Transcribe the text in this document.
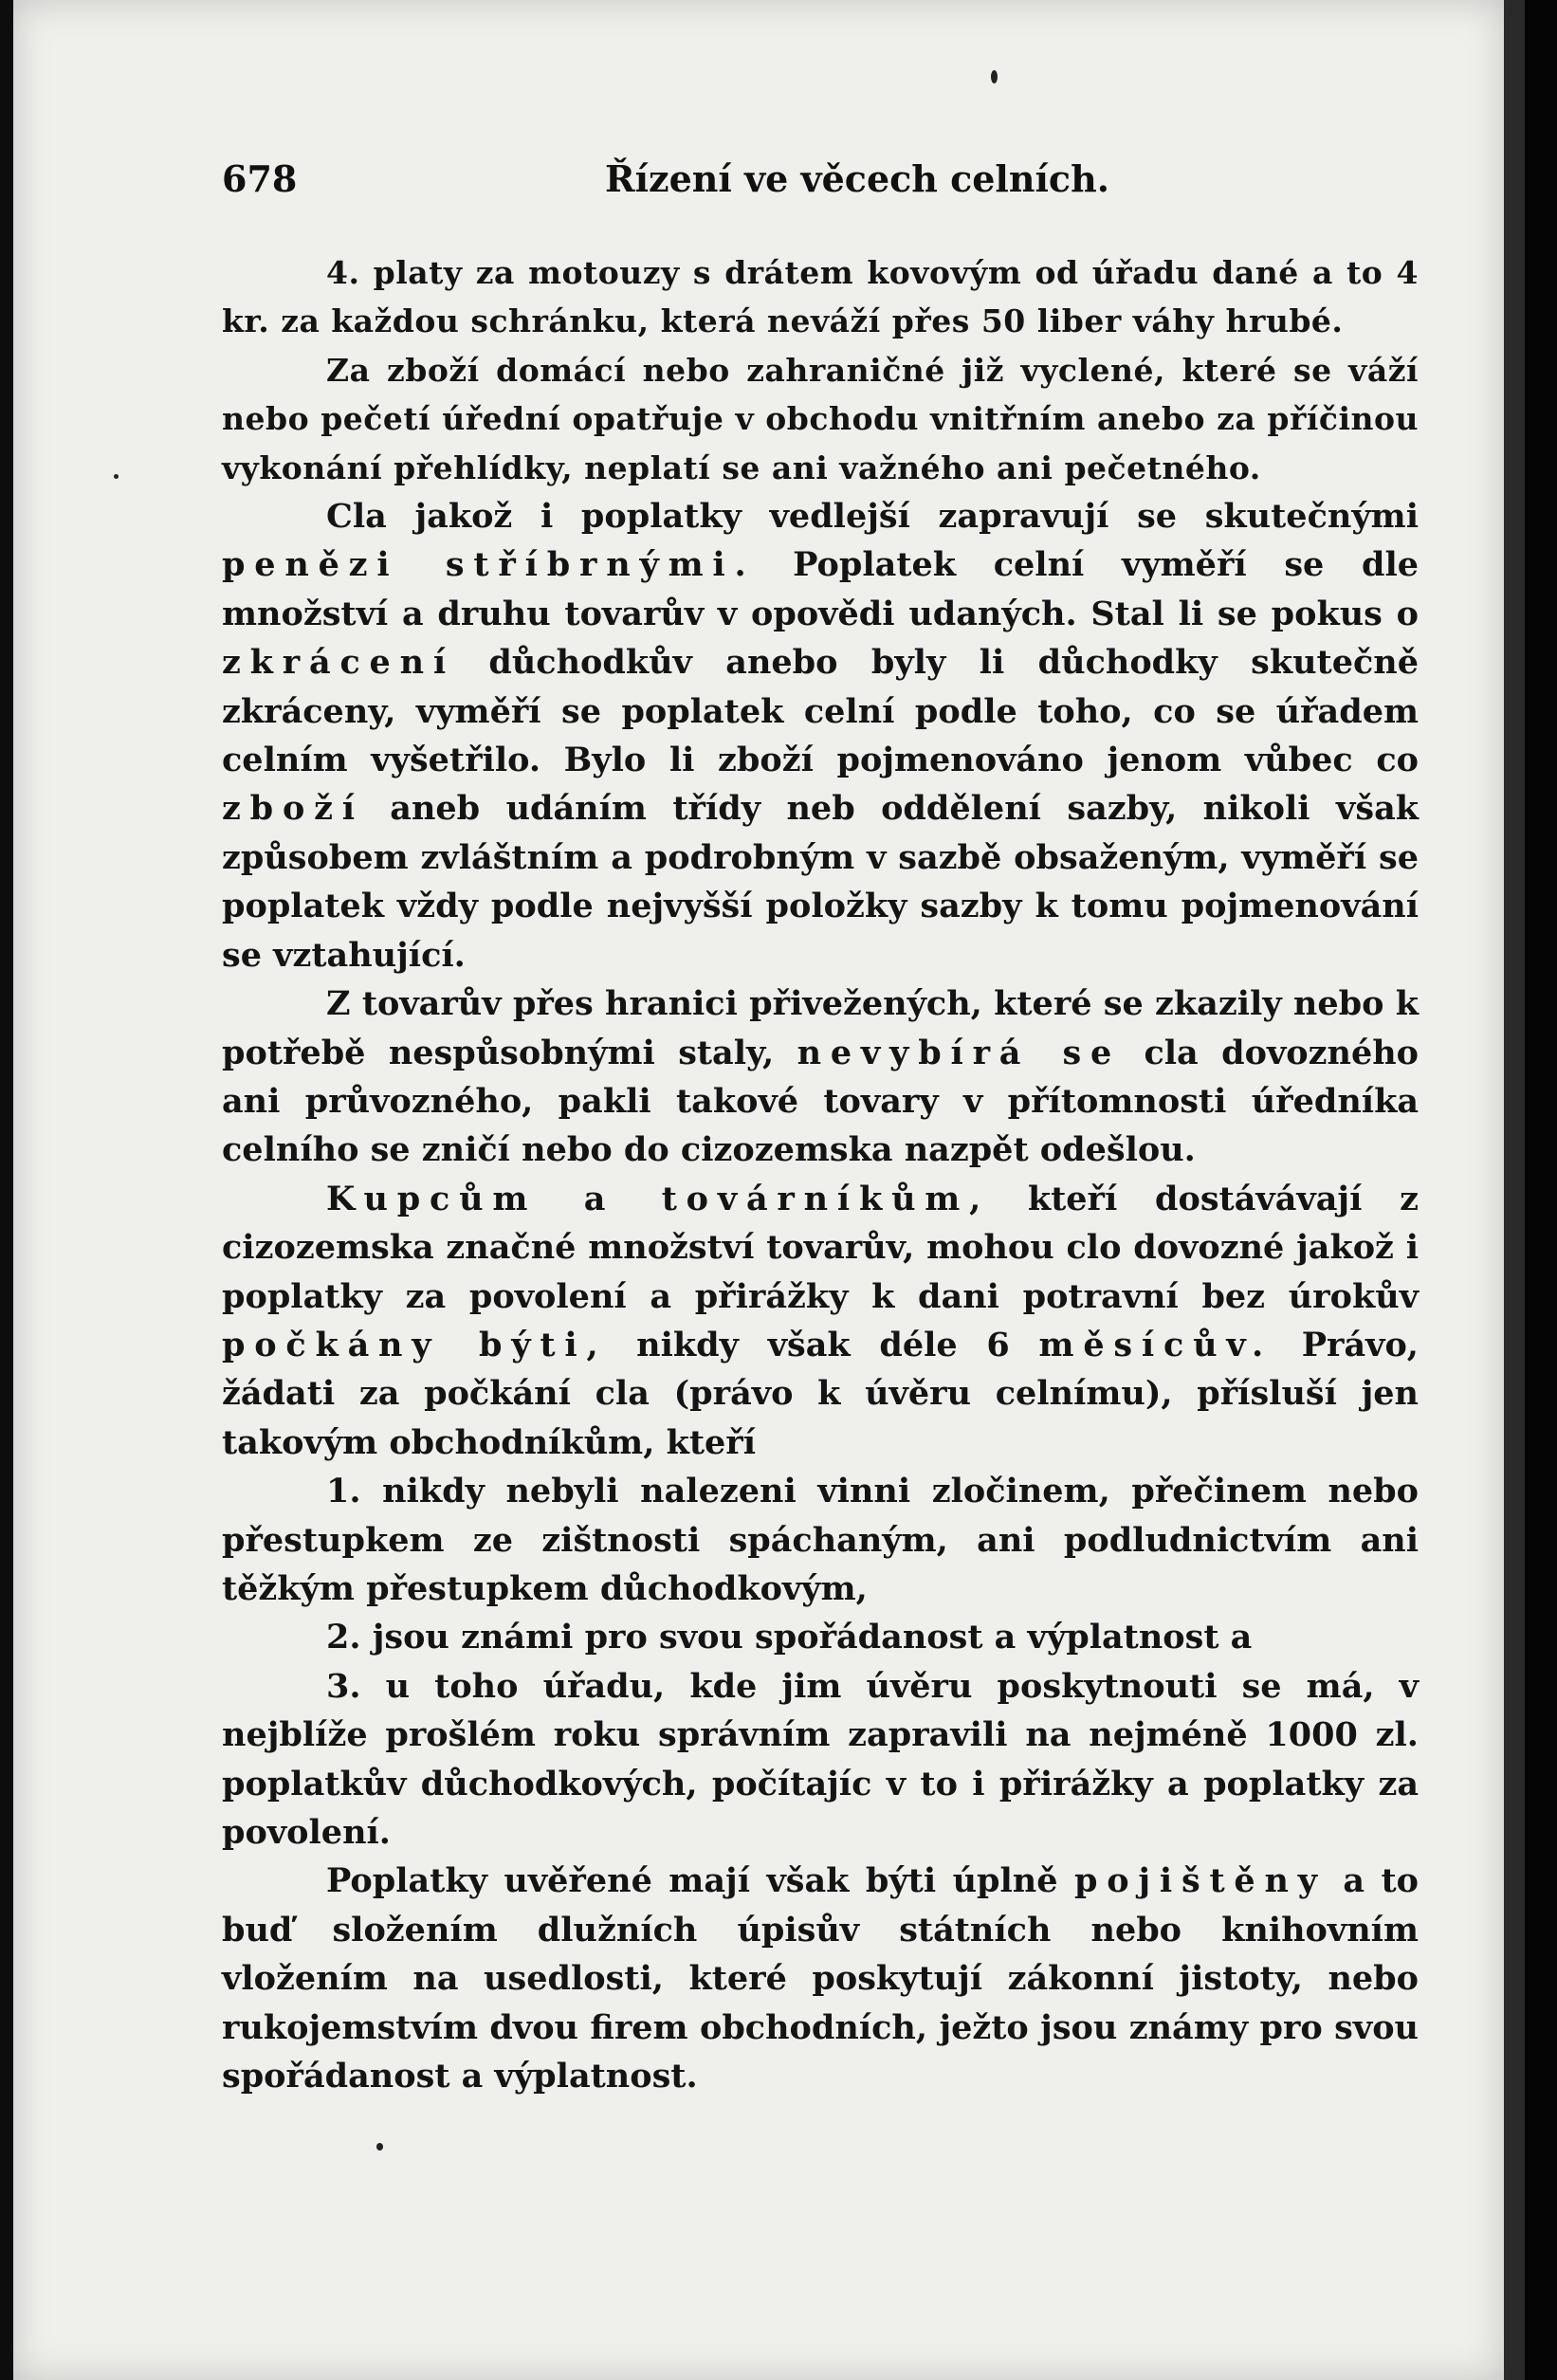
678	Řízení ve věcech celních.

4. platy za motouzy s drátem kovovým od úřadu dané a to 4 kr. za každou schránku, která neváží přes 50 liber váhy hrubé.

Za zboží domácí nebo zahraničné již vyclené, které se váží nebo pečetí úřední opatřuje v obchodu vnitřním anebo za příčinou vykonání přehlídky, neplatí se ani važného ani pečetného.

Cla jakož i poplatky vedlejší zapravují se skutečnými penězi stříbrnými. Poplatek celní vyměří se dle množství a druhu tovarův v opovědi udaných. Stal li se pokus o zkrácení důchodkův anebo byly li důchodky skutečně zkráceny, vyměří se poplatek celní podle toho, co se úřadem celním vyšetřilo. Bylo li zboží pojmenováno jenom vůbec co zboží aneb udáním třídy neb oddělení sazby, nikoli však způsobem zvláštním a podrobným v sazbě obsaženým, vyměří se poplatek vždy podle nejvyšší položky sazby k tomu pojmenování se vztahující.

Z tovarův přes hranici přivežených, které se zkazily nebo k potřebě nespůsobnými staly, nevybírá se cla dovozného ani průvozného, pakli takové tovary v přítomnosti úředníka celního se zničí nebo do cizozemska nazpět odešlou.

Kupcům a továrníkům, kteří dostávávají z cizozemska značné množství tovarův, mohou clo dovozné jakož i poplatky za povolení a přirážky k dani potravní bez úrokův počkány býti, nikdy však déle 6 měsícův. Právo, žádati za počkání cla (právo k úvěru celnímu), přísluší jen takovým obchodníkům, kteří

1. nikdy nebyli nalezeni vinni zločinem, přečinem nebo přestupkem ze zištnosti spáchaným, ani podludnictvím ani těžkým přestupkem důchodkovým,

2. jsou známi pro svou spořádanost a výplatnost a

3. u toho úřadu, kde jim úvěru poskytnouti se má, v nejblíže prošlém roku správním zapravili na nejméně 1000 zl. poplatkův důchodkových, počítajíc v to i přirážky a poplatky za povolení.

Poplatky uvěřené mají však býti úplně pojištěny a to buď složením dlužních úpisův státních nebo knihovním vložením na usedlosti, které poskytují zákonní jistoty, nebo rukojemstvím dvou firem obchodních, ježto jsou známy pro svou spořádanost a výplatnost.
